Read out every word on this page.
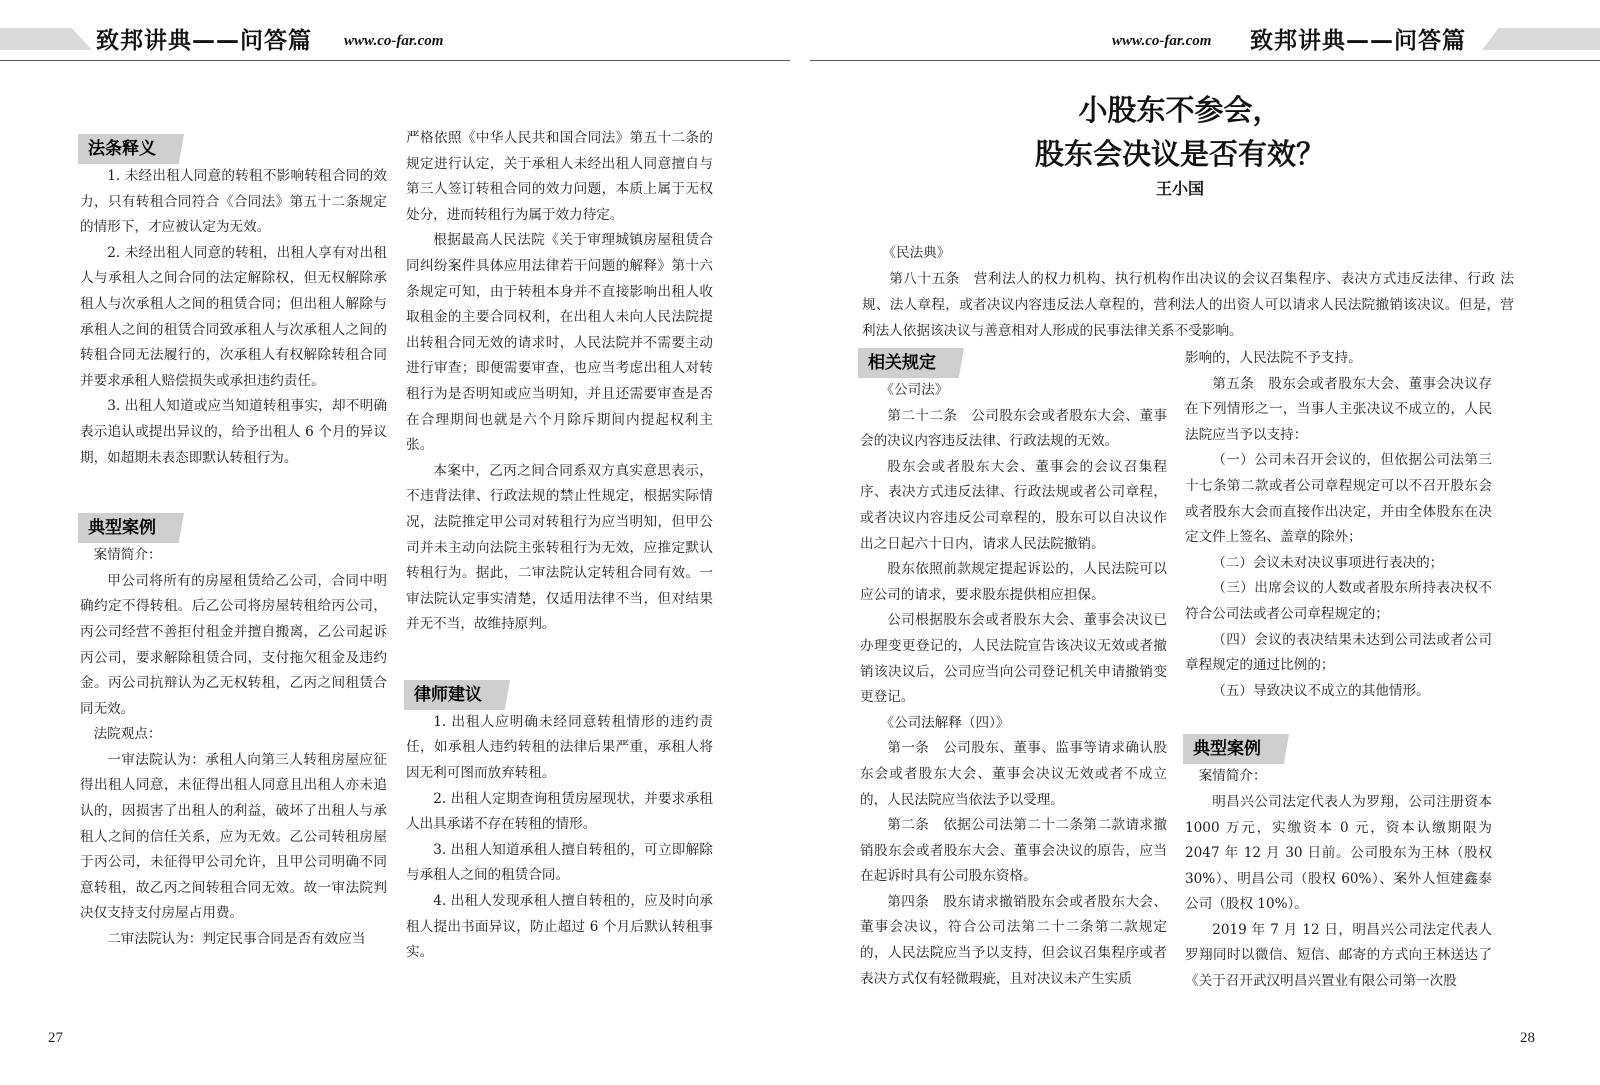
致邦讲典——问答篇 www.co-far.com	www.co-far.com 致邦讲典——问答篇
法条释义

1. 未经出租人同意的转租不影响转租合同的效力，只有转租合同符合《合同法》第五十二条规定的情形下，才应被认定为无效。

2. 未经出租人同意的转租，出租人享有对出租人与承租人之间合同的法定解除权，但无权解除承租人与次承租人之间的租赁合同；但出租人解除与承租人之间的租赁合同致承租人与次承租人之间的转租合同无法履行的，次承租人有权解除转租合同并要求承租人赔偿损失或承担违约责任。

3. 出租人知道或应当知道转租事实，却不明确表示追认或提出异议的，给予出租人 6 个月的异议期，如超期未表态即默认转租行为。

典型案例

案情简介：

甲公司将所有的房屋租赁给乙公司，合同中明确约定不得转租。后乙公司将房屋转租给丙公司，丙公司经营不善拒付租金并擅自搬离，乙公司起诉丙公司，要求解除租赁合同，支付拖欠租金及违约金。丙公司抗辩认为乙无权转租，乙丙之间租赁合同无效。

法院观点：

一审法院认为：承租人向第三人转租房屋应征得出租人同意，未征得出租人同意且出租人亦未追认的，因损害了出租人的利益，破坏了出租人与承租人之间的信任关系，应为无效。乙公司转租房屋于丙公司，未征得甲公司允许，且甲公司明确不同意转租，故乙丙之间转租合同无效。故一审法院判决仅支持支付房屋占用费。

二审法院认为：判定民事合同是否有效应当

严格依照《中华人民共和国合同法》第五十二条的规定进行认定，关于承租人未经出租人同意擅自与第三人签订转租合同的效力问题，本质上属于无权处分，进而转租行为属于效力待定。

根据最高人民法院《关于审理城镇房屋租赁合同纠纷案件具体应用法律若干问题的解释》第十六条规定可知，由于转租本身并不直接影响出租人收取租金的主要合同权利，在出租人未向人民法院提出转租合同无效的请求时，人民法院并不需要主动进行审查；即便需要审查，也应当考虑出租人对转租行为是否明知或应当明知，并且还需要审查是否在合理期间也就是六个月除斥期间内提起权利主张。

本案中，乙丙之间合同系双方真实意思表示，不违背法律、行政法规的禁止性规定，根据实际情况，法院推定甲公司对转租行为应当明知，但甲公司并未主动向法院主张转租行为无效，应推定默认转租行为。据此，二审法院认定转租合同有效。一审法院认定事实清楚，仅适用法律不当，但对结果并无不当，故维持原判。

律师建议

1. 出租人应明确未经同意转租情形的违约责任，如承租人违约转租的法律后果严重，承租人将因无利可图而放弃转租。

2. 出租人定期查询租赁房屋现状，并要求承租人出具承诺不存在转租的情形。

3. 出租人知道承租人擅自转租的，可立即解除与承租人之间的租赁合同。

4. 出租人发现承租人擅自转租的，应及时向承租人提出书面异议，防止超过 6 个月后默认转租事实。

27
小股东不参会，
股东会决议是否有效？
王小国

《民法典》

第八十五条　营利法人的权力机构、执行机构作出决议的会议召集程序、表决方式违反法律、行政 法规、法人章程，或者决议内容违反法人章程的，营利法人的出资人可以请求人民法院撤销该决议。但是，营利法人依据该决议与善意相对人形成的民事法律关系不受影响。

相关规定

《公司法》

第二十二条　公司股东会或者股东大会、董事会的决议内容违反法律、行政法规的无效。

股东会或者股东大会、董事会的会议召集程序、表决方式违反法律、行政法规或者公司章程，或者决议内容违反公司章程的，股东可以自决议作出之日起六十日内，请求人民法院撤销。

股东依照前款规定提起诉讼的，人民法院可以应公司的请求，要求股东提供相应担保。

公司根据股东会或者股东大会、董事会决议已办理变更登记的，人民法院宣告该决议无效或者撤销该决议后，公司应当向公司登记机关申请撤销变更登记。

《公司法解释（四）》

第一条　公司股东、董事、监事等请求确认股东会或者股东大会、董事会决议无效或者不成立的，人民法院应当依法予以受理。

第二条　依据公司法第二十二条第二款请求撤销股东会或者股东大会、董事会决议的原告，应当在起诉时具有公司股东资格。

第四条　股东请求撤销股东会或者股东大会、董事会决议，符合公司法第二十二条第二款规定的，人民法院应当予以支持，但会议召集程序或者表决方式仅有轻微瑕疵，且对决议未产生实质

影响的，人民法院不予支持。

第五条　股东会或者股东大会、董事会决议存在下列情形之一，当事人主张决议不成立的，人民法院应当予以支持：

（一）公司未召开会议的，但依据公司法第三十七条第二款或者公司章程规定可以不召开股东会或者股东大会而直接作出决定，并由全体股东在决定文件上签名、盖章的除外；

（二）会议未对决议事项进行表决的；

（三）出席会议的人数或者股东所持表决权不符合公司法或者公司章程规定的；

（四）会议的表决结果未达到公司法或者公司章程规定的通过比例的；

（五）导致决议不成立的其他情形。

典型案例

案情简介：

明昌兴公司法定代表人为罗翔，公司注册资本 1000 万元，实缴资本 0 元，资本认缴期限为 2047 年 12 月 30 日前。公司股东为王林（股权 30%）、明昌公司（股权 60%）、案外人恒建鑫泰公司（股权 10%）。

2019 年 7 月 12 日，明昌兴公司法定代表人罗翔同时以微信、短信、邮寄的方式向王林送达了《关于召开武汉明昌兴置业有限公司第一次股

28
